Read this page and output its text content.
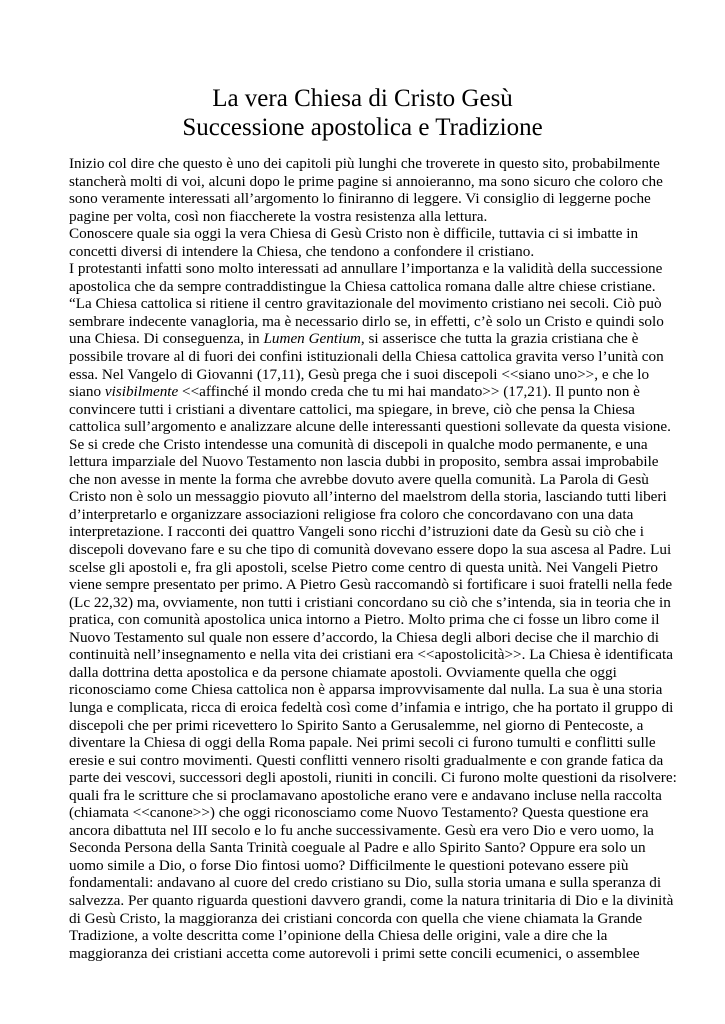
La vera Chiesa di Cristo Gesù
Successione apostolica e Tradizione
Inizio col dire che questo è uno dei capitoli più lunghi che troverete in questo sito, probabilmente
stancherà molti di voi, alcuni dopo le prime pagine si annoieranno, ma sono sicuro che coloro che
sono veramente interessati all’argomento lo finiranno di leggere. Vi consiglio di leggerne poche
pagine per volta, così non fiaccherete la vostra resistenza alla lettura.
Conoscere quale sia oggi la vera Chiesa di Gesù Cristo non è difficile, tuttavia ci si imbatte in
concetti diversi di intendere la Chiesa, che tendono a confondere il cristiano.
I protestanti infatti sono molto interessati ad annullare l’importanza e la validità della successione
apostolica che da sempre contraddistingue la Chiesa cattolica romana dalle altre chiese cristiane.
“La Chiesa cattolica si ritiene il centro gravitazionale del movimento cristiano nei secoli. Ciò può
sembrare indecente vanagloria, ma è necessario dirlo se, in effetti, c’è solo un Cristo e quindi solo
una Chiesa. Di conseguenza, in Lumen Gentium, si asserisce che tutta la grazia cristiana che è
possibile trovare al di fuori dei confini istituzionali della Chiesa cattolica gravita verso l’unità con
essa. Nel Vangelo di Giovanni (17,11), Gesù prega che i suoi discepoli <<siano uno>>, e che lo
siano visibilmente <<affinché il mondo creda che tu mi hai mandato>> (17,21). Il punto non è
convincere tutti i cristiani a diventare cattolici, ma spiegare, in breve, ciò che pensa la Chiesa
cattolica sull’argomento e analizzare alcune delle interessanti questioni sollevate da questa visione.
Se si crede che Cristo intendesse una comunità di discepoli in qualche modo permanente, e una
lettura imparziale del Nuovo Testamento non lascia dubbi in proposito, sembra assai improbabile
che non avesse in mente la forma che avrebbe dovuto avere quella comunità. La Parola di Gesù
Cristo non è solo un messaggio piovuto all’interno del maelstrom della storia, lasciando tutti liberi
d’interpretarlo e organizzare associazioni religiose fra coloro che concordavano con una data
interpretazione. I racconti dei quattro Vangeli sono ricchi d’istruzioni date da Gesù su ciò che i
discepoli dovevano fare e su che tipo di comunità dovevano essere dopo la sua ascesa al Padre. Lui
scelse gli apostoli e, fra gli apostoli, scelse Pietro come centro di questa unità. Nei Vangeli Pietro
viene sempre presentato per primo. A Pietro Gesù raccomandò si fortificare i suoi fratelli nella fede
(Lc 22,32) ma, ovviamente, non tutti i cristiani concordano su ciò che s’intenda, sia in teoria che in
pratica, con comunità apostolica unica intorno a Pietro. Molto prima che ci fosse un libro come il
Nuovo Testamento sul quale non essere d’accordo, la Chiesa degli albori decise che il marchio di
continuità nell’insegnamento e nella vita dei cristiani era <<apostolicità>>. La Chiesa è identificata
dalla dottrina detta apostolica e da persone chiamate apostoli. Ovviamente quella che oggi
riconosciamo come Chiesa cattolica non è apparsa improvvisamente dal nulla. La sua è una storia
lunga e complicata, ricca di eroica fedeltà così come d’infamia e intrigo, che ha portato il gruppo di
discepoli che per primi ricevettero lo Spirito Santo a Gerusalemme, nel giorno di Pentecoste, a
diventare la Chiesa di oggi della Roma papale. Nei primi secoli ci furono tumulti e conflitti sulle
eresie e sui contro movimenti. Questi conflitti vennero risolti gradualmente e con grande fatica da
parte dei vescovi, successori degli apostoli, riuniti in concili. Ci furono molte questioni da risolvere:
quali fra le scritture che si proclamavano apostoliche erano vere e andavano incluse nella raccolta
(chiamata <<canone>>) che oggi riconosciamo come Nuovo Testamento? Questa questione era
ancora dibattuta nel III secolo e lo fu anche successivamente. Gesù era vero Dio e vero uomo, la
Seconda Persona della Santa Trinità coeguale al Padre e allo Spirito Santo? Oppure era solo un
uomo simile a Dio, o forse Dio fintosi uomo? Difficilmente le questioni potevano essere più
fondamentali: andavano al cuore del credo cristiano su Dio, sulla storia umana e sulla speranza di
salvezza. Per quanto riguarda questioni davvero grandi, come la natura trinitaria di Dio e la divinità
di Gesù Cristo, la maggioranza dei cristiani concorda con quella che viene chiamata la Grande
Tradizione, a volte descritta come l’opinione della Chiesa delle origini, vale a dire che la
maggioranza dei cristiani accetta come autorevoli i primi sette concili ecumenici, o assemblee
